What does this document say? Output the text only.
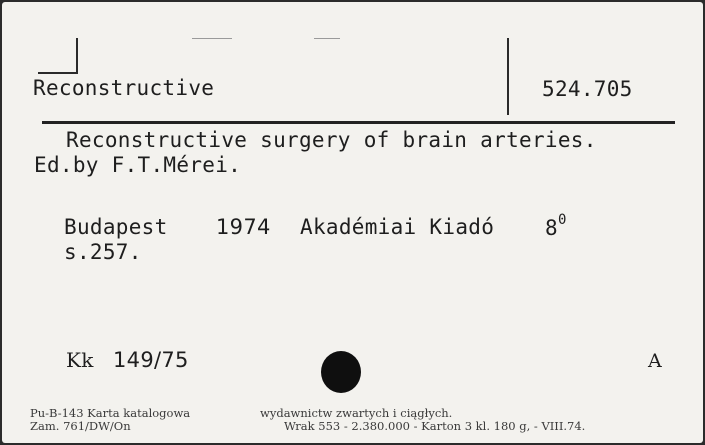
Reconstructive	524.705
Reconstructive surgery of brain arteries.
Ed.by F.T.Mérei.
Budapest 1974 Akadémiai Kiadó $8^0$
s.257.
Kk 149/75	A
Pu-B-143 Karta katalogowa	wydawnictw zwartych i ciągłych.
Zam. 761/DW/On	Wrak 553 - 2.380.000 - Karton 3 kl. 180 g, - VIII.74.
